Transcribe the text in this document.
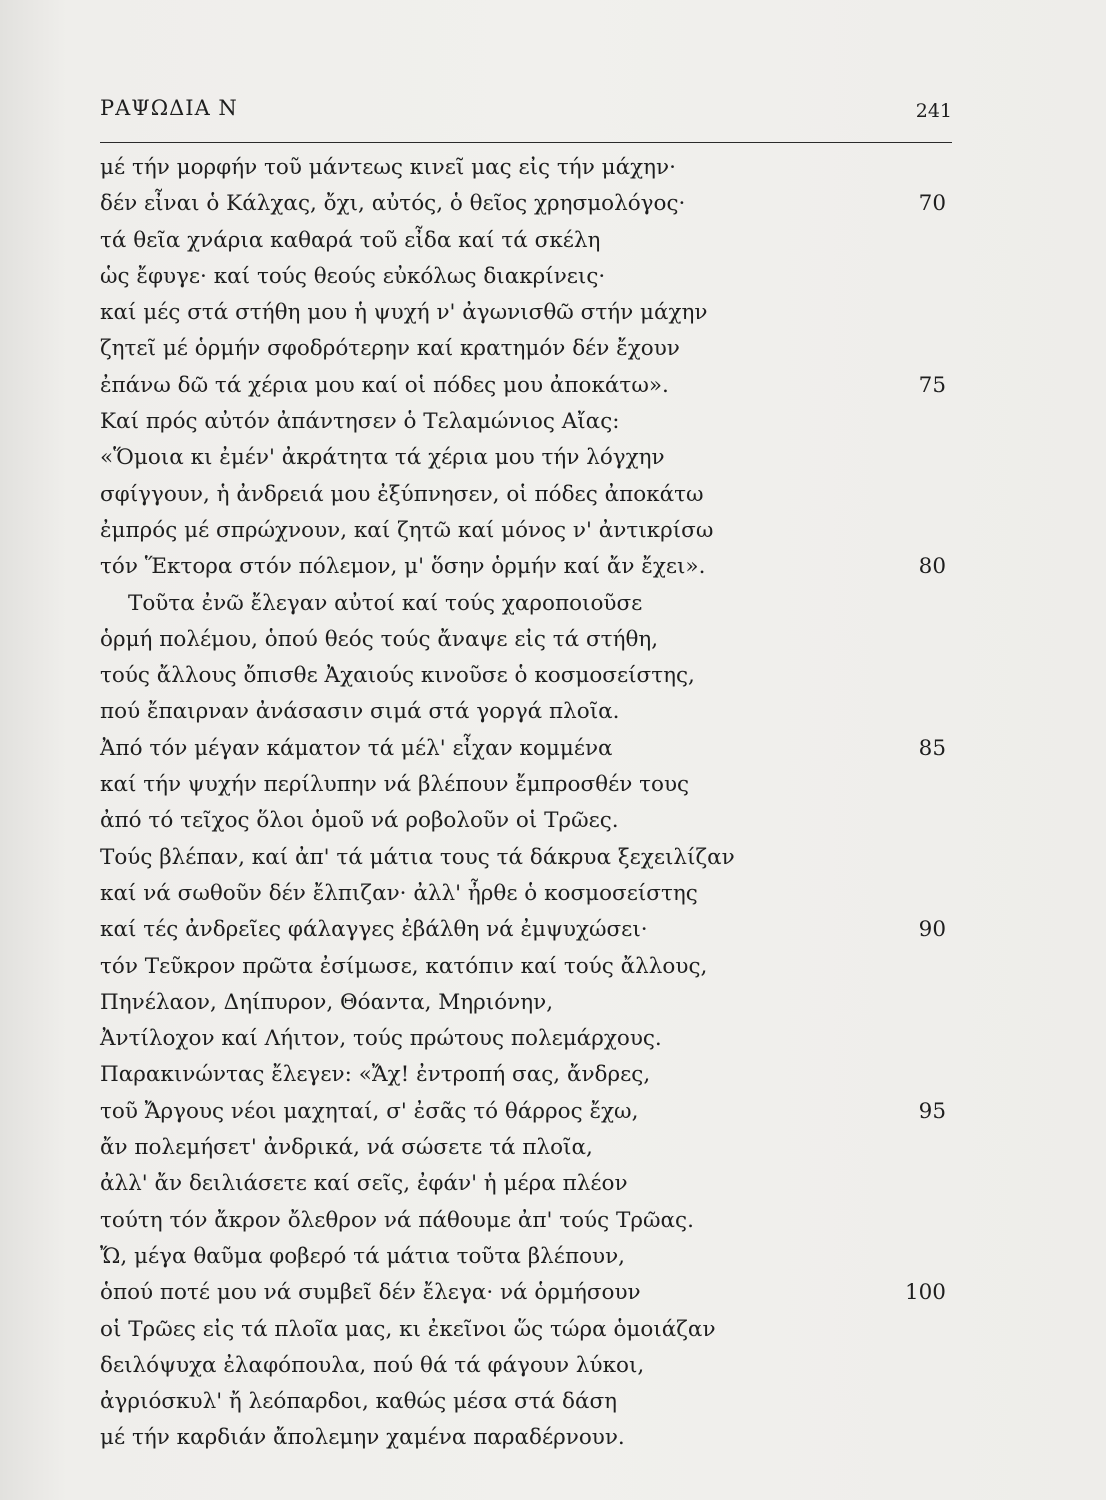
ΡΑΨΩΔΙΑ Ν	241
μέ τήν μορφήν τοῦ μάντεως κινεῖ μας εἰς τήν μάχην·
δέν εἶναι ὁ Κάλχας, ὄχι, αὐτός, ὁ θεῖος χρησμολόγος·	70
τά θεῖα χνάρια καθαρά τοῦ εἶδα καί τά σκέλη
ὡς ἔφυγε· καί τούς θεούς εὐκόλως διακρίνεις·
καί μές στά στήθη μου ἡ ψυχή ν' ἀγωνισθῶ στήν μάχην
ζητεῖ μέ ὁρμήν σφοδρότερην καί κρατημόν δέν ἔχουν
ἐπάνω δῶ τά χέρια μου καί οἱ πόδες μου ἀποκάτω».	75
Καί πρός αὐτόν ἀπάντησεν ὁ Τελαμώνιος Αἴας:
«Ὅμοια κι ἐμέν' ἀκράτητα τά χέρια μου τήν λόγχην
σφίγγουν, ἡ ἀνδρειά μου ἐξύπνησεν, οἱ πόδες ἀποκάτω
ἐμπρός μέ σπρώχνουν, καί ζητῶ καί μόνος ν' ἀντικρίσω
τόν Ἕκτορα στόν πόλεμον, μ' ὅσην ὁρμήν καί ἄν ἔχει».	80
Τοῦτα ἐνῶ ἔλεγαν αὐτοί καί τούς χαροποιοῦσε
ὁρμή πολέμου, ὁπού θεός τούς ἄναψε εἰς τά στήθη,
τούς ἄλλους ὄπισθε Ἀχαιούς κινοῦσε ὁ κοσμοσείστης,
πού ἔπαιρναν ἀνάσασιν σιμά στά γοργά πλοῖα.
Ἀπό τόν μέγαν κάματον τά μέλ' εἶχαν κομμένα	85
καί τήν ψυχήν περίλυπην νά βλέπουν ἔμπροσθέν τους
ἀπό τό τεῖχος ὅλοι ὁμοῦ νά ροβολοῦν οἱ Τρῶες.
Τούς βλέπαν, καί ἀπ' τά μάτια τους τά δάκρυα ξεχειλίζαν
καί νά σωθοῦν δέν ἔλπιζαν· ἀλλ' ἦρθε ὁ κοσμοσείστης
καί τές ἀνδρεῖες φάλαγγες ἐβάλθη νά ἐμψυχώσει·	90
τόν Τεῦκρον πρῶτα ἐσίμωσε, κατόπιν καί τούς ἄλλους,
Πηνέλαον, Δηίπυρον, Θόαντα, Μηριόνην,
Ἀντίλοχον καί Λήιτον, τούς πρώτους πολεμάρχους.
Παρακινώντας ἔλεγεν: «Ἄχ! ἐντροπή σας, ἄνδρες,
τοῦ Ἄργους νέοι μαχηταί, σ' ἐσᾶς τό θάρρος ἔχω,	95
ἄν πολεμήσετ' ἀνδρικά, νά σώσετε τά πλοῖα,
ἀλλ' ἄν δειλιάσετε καί σεῖς, ἐφάν' ἡ μέρα πλέον
τούτη τόν ἄκρον ὄλεθρον νά πάθουμε ἀπ' τούς Τρῶας.
Ὤ, μέγα θαῦμα φοβερό τά μάτια τοῦτα βλέπουν,
ὁπού ποτέ μου νά συμβεῖ δέν ἔλεγα· νά ὁρμήσουν	100
οἱ Τρῶες εἰς τά πλοῖα μας, κι ἐκεῖνοι ὥς τώρα ὁμοιάζαν
δειλόψυχα ἐλαφόπουλα, πού θά τά φάγουν λύκοι,
ἀγριόσκυλ' ἤ λεόπαρδοι, καθώς μέσα στά δάση
μέ τήν καρδιάν ἄπολεμην χαμένα παραδέρνουν.
